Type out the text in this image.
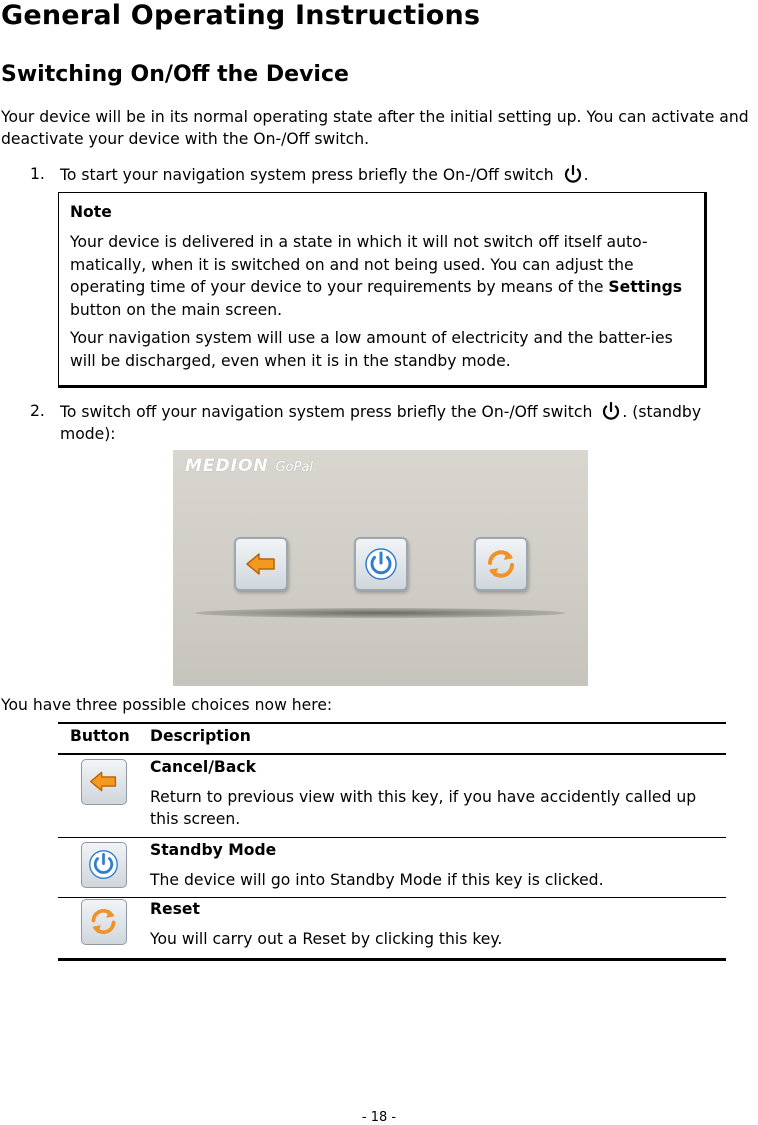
General Operating Instructions
Switching On/Off the Device
Your device will be in its normal operating state after the initial setting up. You can activate and deactivate your device with the On-/Off switch.
1. To start your navigation system press briefly the On-/Off switch .
Note

Your device is delivered in a state in which it will not switch off itself auto-matically, when it is switched on and not being used. You can adjust the operating time of your device to your requirements by means of the Settings button on the main screen.

Your navigation system will use a low amount of electricity and the batter-ies will be discharged, even when it is in the standby mode.

2. To switch off your navigation system press briefly the On-/Off switch . (standby mode):
MEDION GoPal
You have three possible choices now here:
Button Description
Cancel/Back
Return to previous view with this key, if you have accidently called up this screen.
Standby Mode
The device will go into Standby Mode if this key is clicked.
Reset
You will carry out a Reset by clicking this key.
- 18 -
